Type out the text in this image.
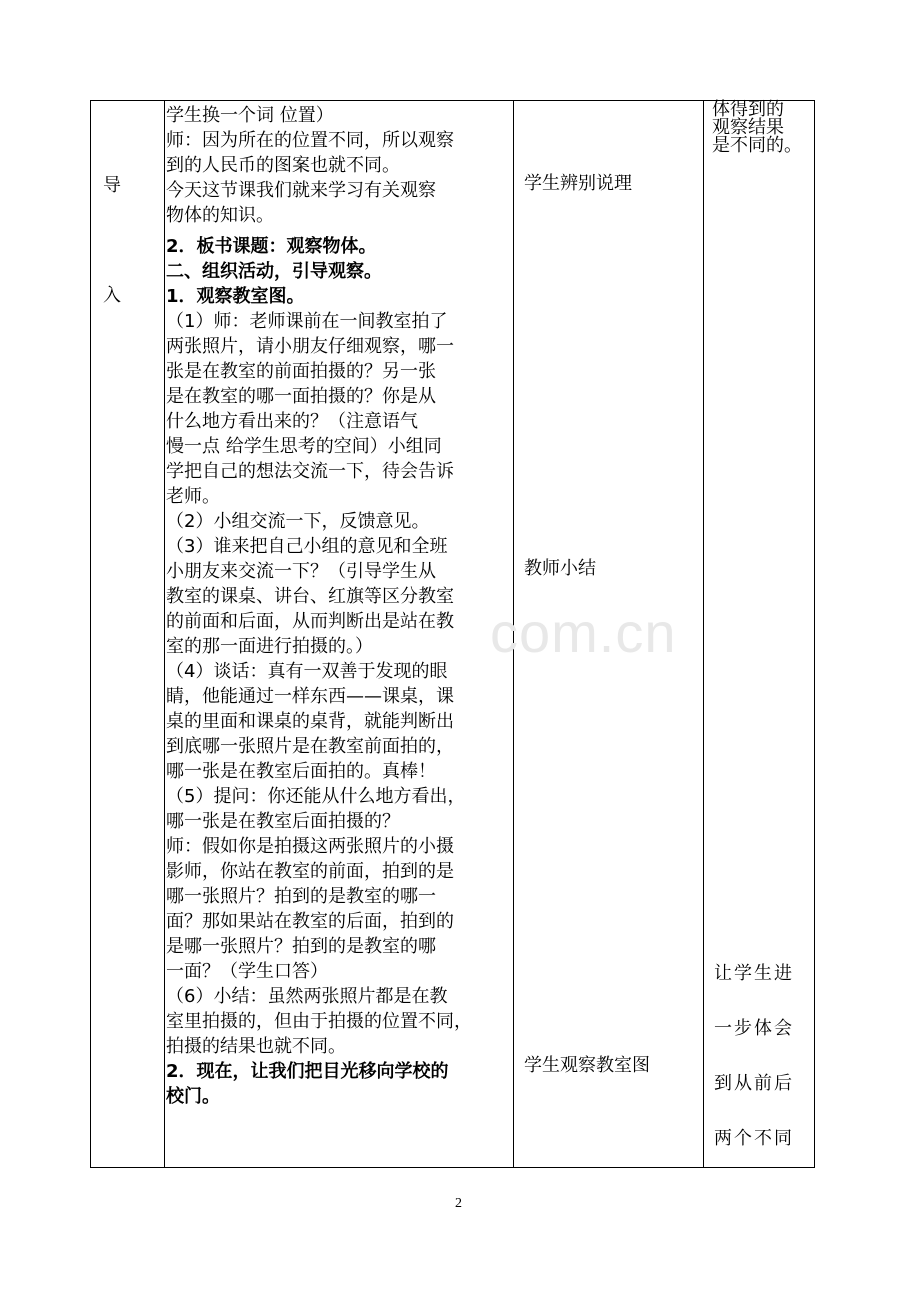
导
入
学生换一个词 位置）
师：因为所在的位置不同，所以观察
到的人民币的图案也就不同。
今天这节课我们就来学习有关观察
物体的知识。
2．板书课题：观察物体。
二、组织活动，引导观察。
1．观察教室图。
（1）师：老师课前在一间教室拍了
两张照片，请小朋友仔细观察，哪一
张是在教室的前面拍摄的？另一张
是在教室的哪一面拍摄的？你是从
什么地方看出来的？（注意语气
慢一点 给学生思考的空间）小组同
学把自己的想法交流一下，待会告诉
老师。
（2）小组交流一下，反馈意见。
（3）谁来把自己小组的意见和全班
小朋友来交流一下？（引导学生从
教室的课桌、讲台、红旗等区分教室
的前面和后面，从而判断出是站在教
室的那一面进行拍摄的。）
（4）谈话：真有一双善于发现的眼
睛，他能通过一样东西——课桌，课
桌的里面和课桌的桌背，就能判断出
到底哪一张照片是在教室前面拍的，
哪一张是在教室后面拍的。真棒！
（5）提问：你还能从什么地方看出，
哪一张是在教室后面拍摄的？
师：假如你是拍摄这两张照片的小摄
影师，你站在教室的前面，拍到的是
哪一张照片？拍到的是教室的哪一
面？那如果站在教室的后面，拍到的
是哪一张照片？拍到的是教室的哪
一面？（学生口答）
（6）小结：虽然两张照片都是在教
室里拍摄的，但由于拍摄的位置不同，
拍摄的结果也就不同。
2．现在，让我们把目光移向学校的
校门。
学生辨别说理
教师小结
学生观察教室图
体得到的
观察结果
是不同的。
让学生进
一步体会
到从前后
两个不同
com.cn
2
